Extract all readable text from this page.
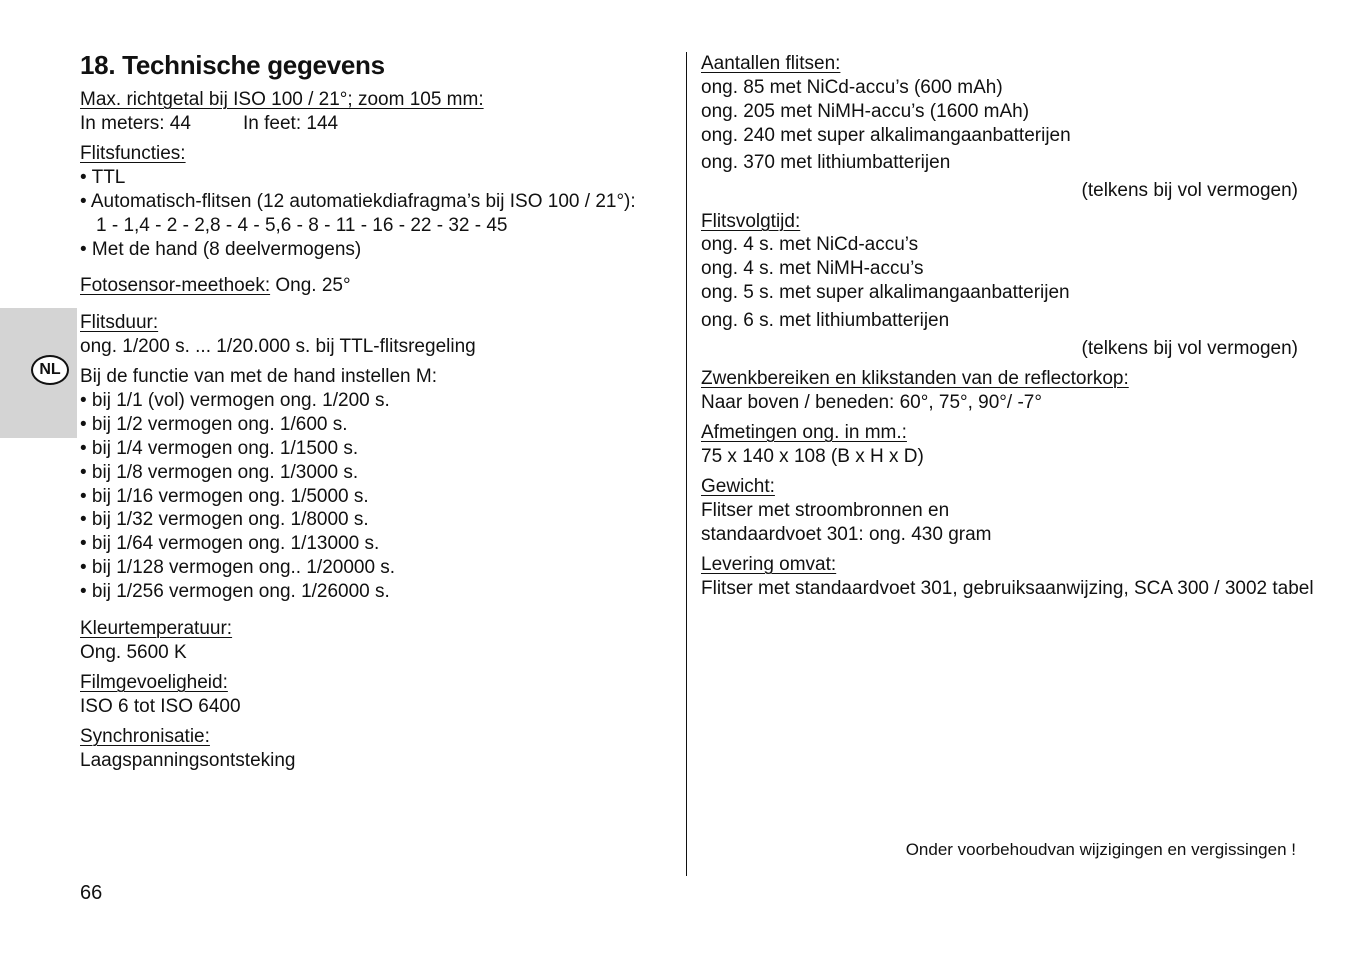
NL
18. Technische gegevens
Max. richtgetal bij ISO 100 / 21°; zoom 105 mm:
In meters: 44	In feet: 144
Flitsfuncties:
• TTL
• Automatisch-flitsen (12 automatiekdiafragma’s bij ISO 100 / 21°):
1 - 1,4 - 2 - 2,8 - 4 - 5,6 - 8 - 11 - 16 - 22 - 32 - 45
• Met de hand (8 deelvermogens)
Fotosensor-meethoek: Ong. 25°
Flitsduur:
ong. 1/200 s. ... 1/20.000 s. bij TTL-flitsregeling
Bij de functie van met de hand instellen M:
• bij 1/1 (vol) vermogen ong. 1/200 s.
• bij 1/2 vermogen ong. 1/600 s.
• bij 1/4 vermogen ong. 1/1500 s.
• bij 1/8 vermogen ong. 1/3000 s.
• bij 1/16 vermogen ong. 1/5000 s.
• bij 1/32 vermogen ong. 1/8000 s.
• bij 1/64 vermogen ong. 1/13000 s.
• bij 1/128 vermogen ong.. 1/20000 s.
• bij 1/256 vermogen ong. 1/26000 s.
Kleurtemperatuur:
Ong. 5600 K
Filmgevoeligheid:
ISO 6 tot ISO 6400
Synchronisatie:
Laagspanningsontsteking
Aantallen flitsen:
ong. 85 met NiCd-accu’s (600 mAh)
ong. 205 met NiMH-accu’s (1600 mAh)
ong. 240 met super alkalimangaanbatterijen
ong. 370 met lithiumbatterijen
(telkens bij vol vermogen)
Flitsvolgtijd:
ong. 4 s. met NiCd-accu’s
ong. 4 s. met NiMH-accu’s
ong. 5 s. met super alkalimangaanbatterijen
ong. 6 s. met lithiumbatterijen
(telkens bij vol vermogen)
Zwenkbereiken en klikstanden van de reflectorkop:
Naar boven / beneden: 60°, 75°, 90°/ -7°
Afmetingen ong. in mm.:
75 x 140 x 108 (B x H x D)
Gewicht:
Flitser met stroombronnen en
standaardvoet 301: ong. 430 gram
Levering omvat:
Flitser met standaardvoet 301, gebruiksaanwijzing, SCA 300 / 3002 tabel
Onder voorbehoudvan wijzigingen en vergissingen !
66
